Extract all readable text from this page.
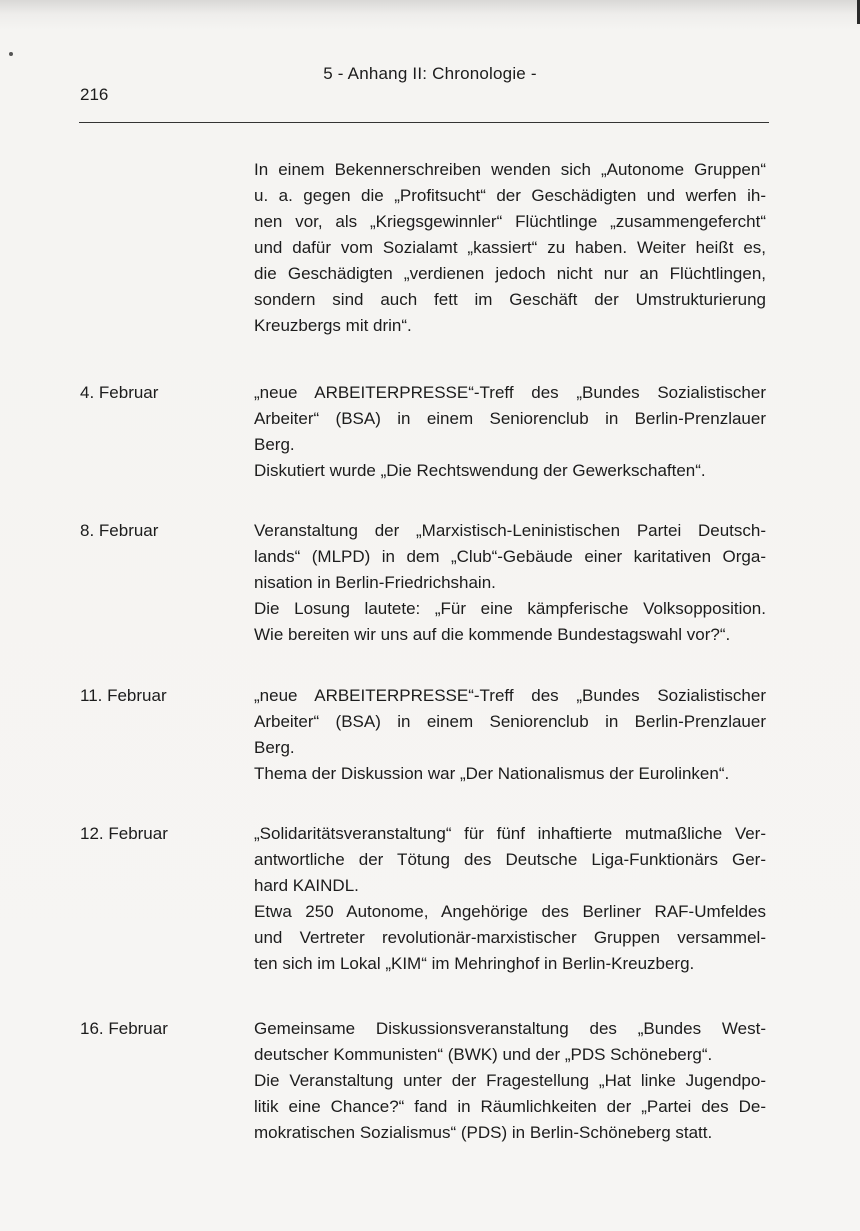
5 - Anhang II: Chronologie -
216
In einem Bekennerschreiben wenden sich „Autonome Gruppen“
u. a. gegen die „Profitsucht“ der Geschädigten und werfen ih-
nen vor, als „Kriegsgewinnler“ Flüchtlinge „zusammengefercht“
und dafür vom Sozialamt „kassiert“ zu haben. Weiter heißt es,
die Geschädigten „verdienen jedoch nicht nur an Flüchtlingen,
sondern sind auch fett im Geschäft der Umstrukturierung
Kreuzbergs mit drin“.
4. Februar	„neue ARBEITERPRESSE“-Treff des „Bundes Sozialistischer
Arbeiter“ (BSA) in einem Seniorenclub in Berlin-Prenzlauer
Berg.
Diskutiert wurde „Die Rechtswendung der Gewerkschaften“.
8. Februar	Veranstaltung der „Marxistisch-Leninistischen Partei Deutsch-
lands“ (MLPD) in dem „Club“-Gebäude einer karitativen Orga-
nisation in Berlin-Friedrichshain.
Die Losung lautete: „Für eine kämpferische Volksopposition.
Wie bereiten wir uns auf die kommende Bundestagswahl vor?“.
11. Februar	„neue ARBEITERPRESSE“-Treff des „Bundes Sozialistischer
Arbeiter“ (BSA) in einem Seniorenclub in Berlin-Prenzlauer
Berg.
Thema der Diskussion war „Der Nationalismus der Eurolinken“.
12. Februar	„Solidaritätsveranstaltung“ für fünf inhaftierte mutmaßliche Ver-
antwortliche der Tötung des Deutsche Liga-Funktionärs Ger-
hard KAINDL.
Etwa 250 Autonome, Angehörige des Berliner RAF-Umfeldes
und Vertreter revolutionär-marxistischer Gruppen versammel-
ten sich im Lokal „KIM“ im Mehringhof in Berlin-Kreuzberg.
16. Februar	Gemeinsame Diskussionsveranstaltung des „Bundes West-
deutscher Kommunisten“ (BWK) und der „PDS Schöneberg“.
Die Veranstaltung unter der Fragestellung „Hat linke Jugendpo-
litik eine Chance?“ fand in Räumlichkeiten der „Partei des De-
mokratischen Sozialismus“ (PDS) in Berlin-Schöneberg statt.
